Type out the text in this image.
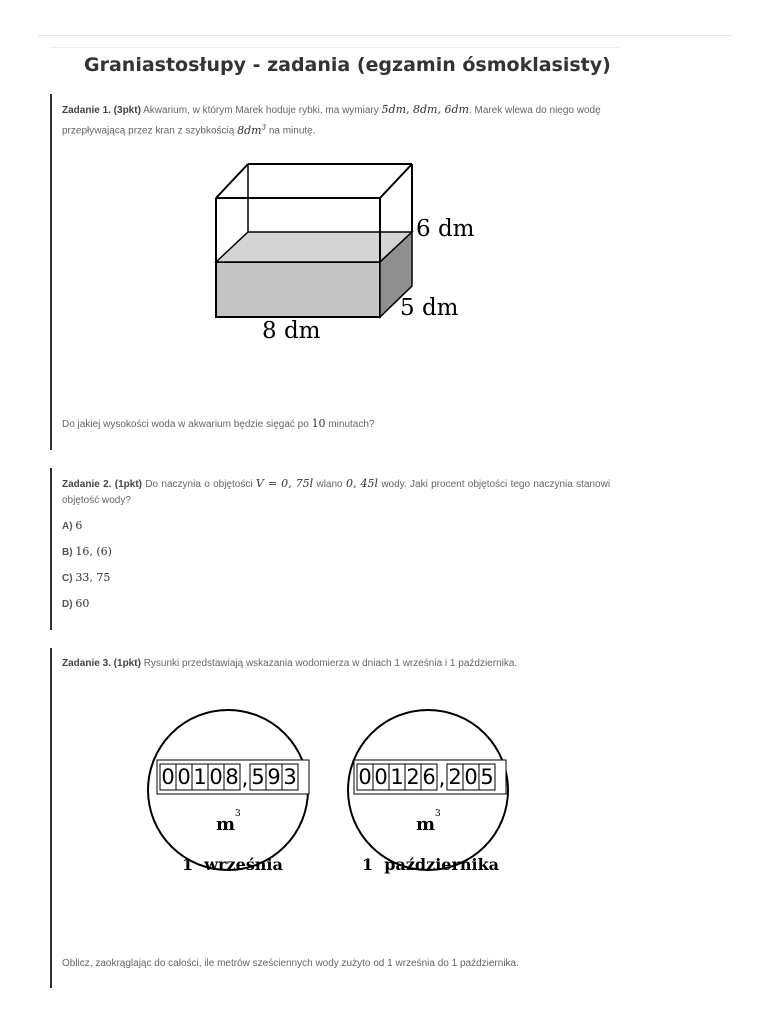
Graniastosłupy - zadania (egzamin ósmoklasisty)

Zadanie 1. (3pkt) Akwarium, w którym Marek hoduje rybki, ma wymiary 5dm, 8dm, 6dm. Marek wlewa do niego wodę przepływającą przez kran z szybkością $8dm^3$ na minutę.

6 dm
5 dm
8 dm

Do jakiej wysokości woda w akwarium będzie sięgać po 10 minutach?

Zadanie 2. (1pkt) Do naczynia o objętości V = 0, 75l wlano 0, 45l wody. Jaki procent objętości tego naczynia stanowi objętość wody?

A) 6

B) 16, (6)

C) 33, 75

D) 60

Zadanie 3. (1pkt) Rysunki przedstawiają wskazania wodomierza w dniach 1 września i 1 października.

0 0 1 0 8 , 5 9 3
m 3
1  września
0 0 1 2 6 , 2 0 5
m 3
1  października

Oblicz, zaokrąglając do całości, ile metrów sześciennych wody zużyto od 1 września do 1 października.
